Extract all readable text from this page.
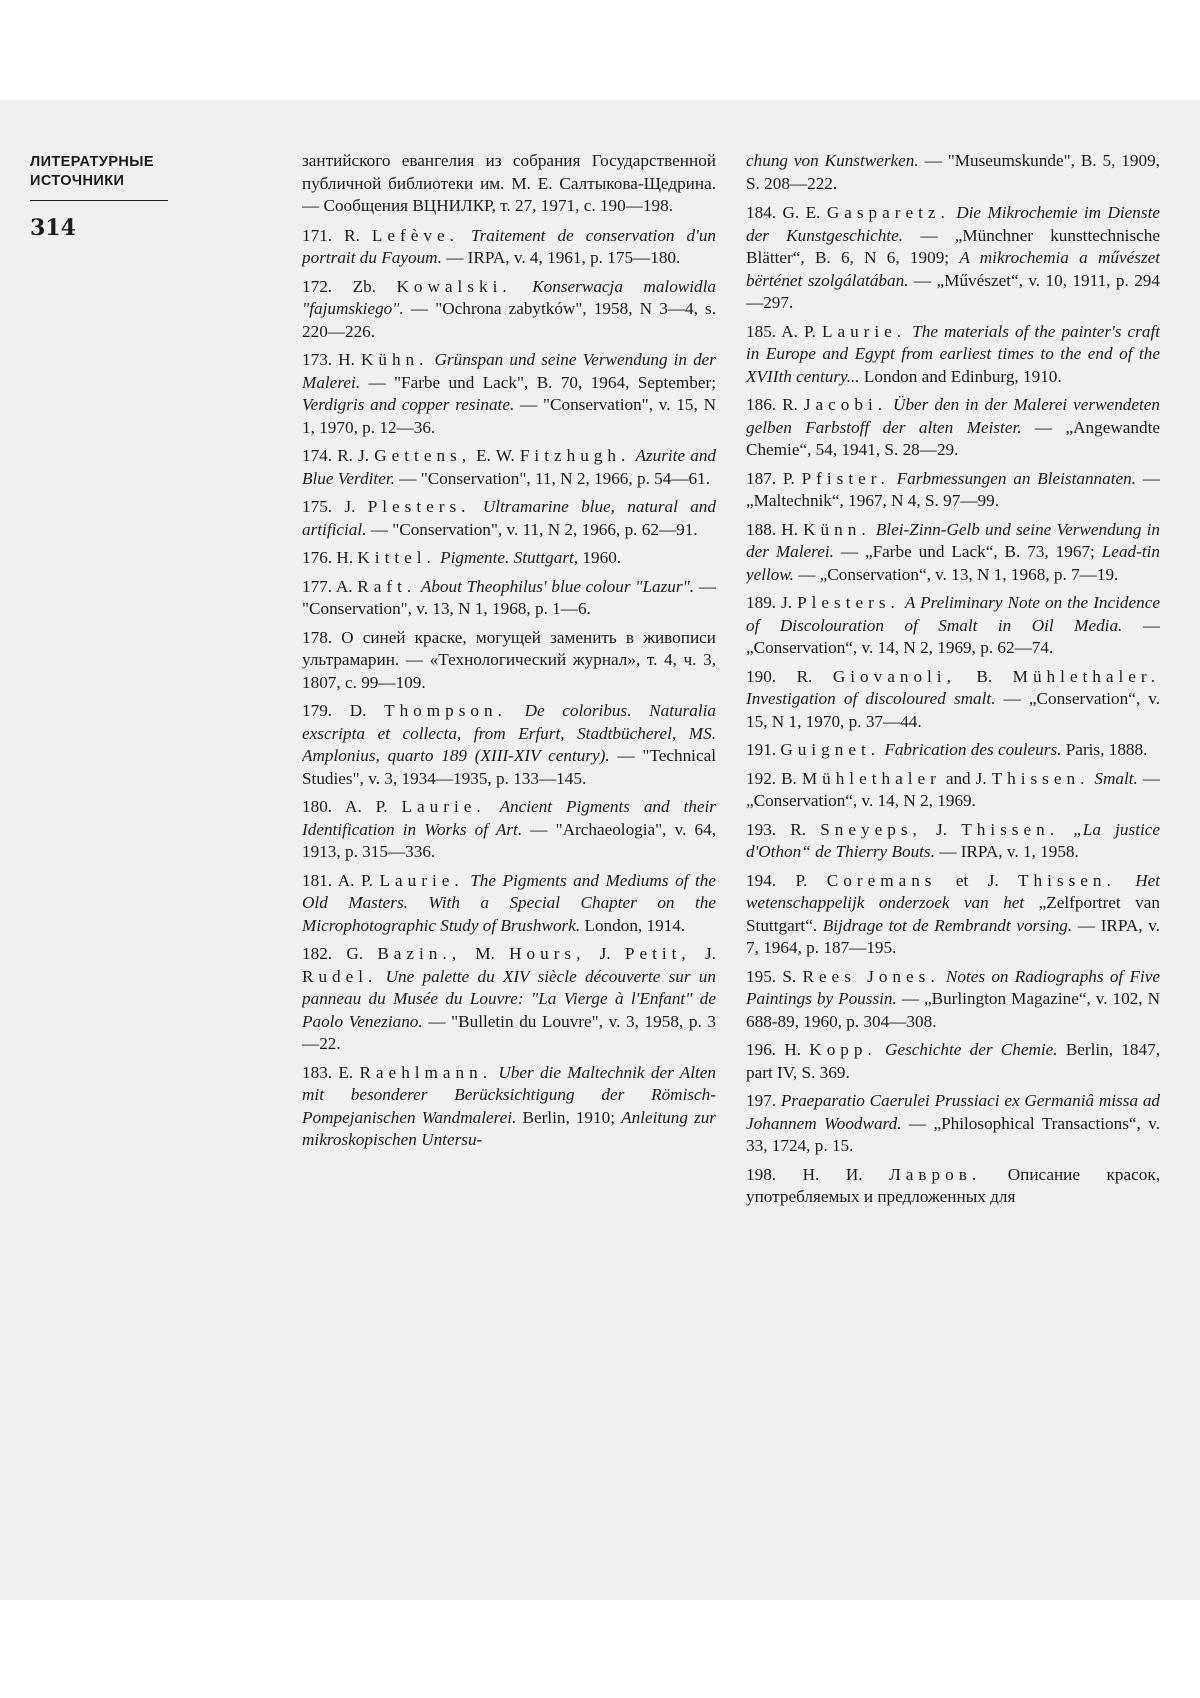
ЛИТЕРАТУРНЫЕ
ИСТОЧНИКИ
314

зантийского евангелия из собрания Государственной публичной библиотеки им. М. Е. Салтыкова-Щедрина. — Сообщения ВЦНИЛКР, т. 27, 1971, с. 190—198.

171. R. Lefève. Traitement de conservation d'un portrait du Fayoum. — IRPA, v. 4, 1961, p. 175—180.

172. Zb. Kowalski. Konserwacja malowidla "fajumskiego". — "Ochrona zabytków", 1958, N 3—4, s. 220—226.

173. H. Kühn. Grünspan und seine Verwendung in der Malerei. — "Farbe und Lack", B. 70, 1964, September; Verdigris and copper resinate. — "Conservation", v. 15, N 1, 1970, p. 12—36.

174. R. J. Gettens, E. W. Fitzhugh. Azurite and Blue Verditer. — "Conservation", 11, N 2, 1966, p. 54—61.

175. J. Plesters. Ultramarine blue, natural and artificial. — "Conservation", v. 11, N 2, 1966, p. 62—91.

176. H. Kittel. Pigmente. Stuttgart, 1960.

177. A. Raft. About Theophilus' blue colour "Lazur". — "Conservation", v. 13, N 1, 1968, p. 1—6.

178. О синей краске, могущей заменить в живописи ультрамарин. — «Технологический журнал», т. 4, ч. 3, 1807, с. 99—109.

179. D. Thompson. De coloribus. Naturalia exscripta et collecta, from Erfurt, Stadtbücherel, MS. Amplonius, quarto 189 (XIII-XIV century). — "Technical Studies", v. 3, 1934—1935, p. 133—145.

180. A. P. Laurie. Ancient Pigments and their Identification in Works of Art. — "Archaeologia", v. 64, 1913, p. 315—336.

181. A. P. Laurie. The Pigments and Mediums of the Old Masters. With a Special Chapter on the Microphotographic Study of Brushwork. London, 1914.

182. G. Bazin., M. Hours, J. Petit, J. Rudel. Une palette du XIV siècle découverte sur un panneau du Musée du Louvre: "La Vierge à l'Enfant" de Paolo Veneziano. — "Bulletin du Louvre", v. 3, 1958, p. 3—22.

183. E. Raehlmann. Uber die Maltechnik der Alten mit besonderer Berücksichtigung der Römisch-Pompejanischen Wandmalerei. Berlin, 1910; Anleitung zur mikroskopischen Untersu-

chung von Kunstwerken. — "Museumskunde", B. 5, 1909, S. 208—222.

184. G. E. Gasparetz. Die Mikrochemie im Dienste der Kunstgeschichte. — „Münchner kunsttechnische Blätter“, B. 6, N 6, 1909; A mikrochemia a művészet bërténet szolgálatában. — „Művészet“, v. 10, 1911, p. 294—297.

185. A. P. Laurie. The materials of the painter's craft in Europe and Egypt from earliest times to the end of the XVIIth century... London and Edinburg, 1910.

186. R. Jacobi. Über den in der Malerei verwendeten gelben Farbstoff der alten Meister. — „Angewandte Chemie“, 54, 1941, S. 28—29.

187. P. Pfister. Farbmessungen an Bleistannaten. — „Maltechnik“, 1967, N 4, S. 97—99.

188. H. Künn. Blei-Zinn-Gelb und seine Verwendung in der Malerei. — „Farbe und Lack“, B. 73, 1967; Lead-tin yellow. — „Conservation“, v. 13, N 1, 1968, p. 7—19.

189. J. Plesters. A Preliminary Note on the Incidence of Discolouration of Smalt in Oil Media. — „Conservation“, v. 14, N 2, 1969, p. 62—74.

190. R. Giovanoli, B. Mühlethaler. Investigation of discoloured smalt. — „Conservation“, v. 15, N 1, 1970, p. 37—44.

191. Guignet. Fabrication des couleurs. Paris, 1888.

192. B. Mühlethaler and J. Thissen. Smalt. — „Conservation“, v. 14, N 2, 1969.

193. R. Sneyeps, J. Thissen. „La justice d'Othon“ de Thierry Bouts. — IRPA, v. 1, 1958.

194. P. Coremans et J. Thissen. Het wetenschappelijk onderzoek van het „Zelfportret van Stuttgart“. Bijdrage tot de Rembrandt vorsing. — IRPA, v. 7, 1964, p. 187—195.

195. S. Rees Jones. Notes on Radiographs of Five Paintings by Poussin. — „Burlington Magazine“, v. 102, N 688-89, 1960, p. 304—308.

196. H. Kopp. Geschichte der Chemie. Berlin, 1847, part IV, S. 369.

197. Praeparatio Caerulei Prussiaci ex Germaniâ missa ad Johannem Woodward. — „Philosophical Transactions“, v. 33, 1724, p. 15.

198. Н. И. Лавров. Описание красок, употребляемых и предложенных для
